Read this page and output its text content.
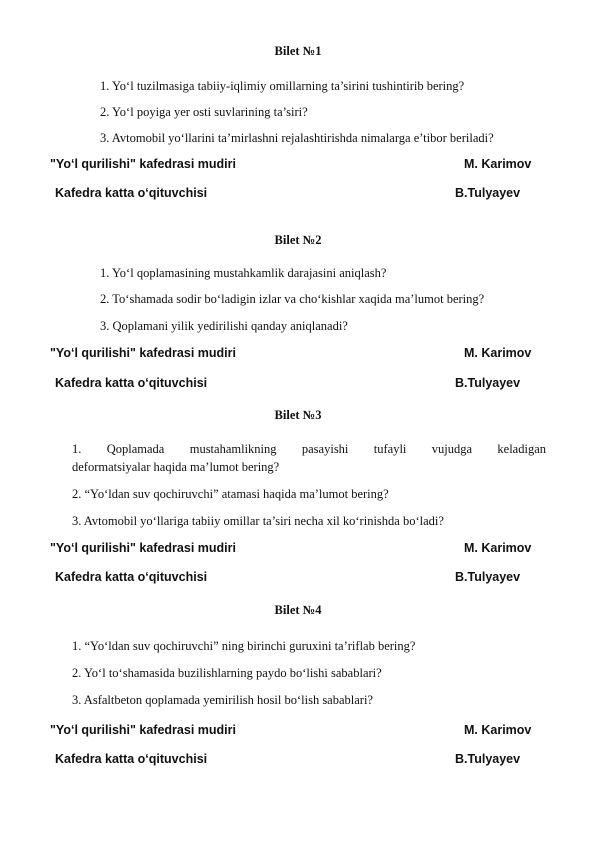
Bilet №1
1. Yo‘l tuzilmasiga tabiiy-iqlimiy omillarning ta’sirini tushintirib bering?
2. Yo‘l poyiga yer osti suvlarining ta’siri?
3. Avtomobil yo‘llarini ta’mirlashni rejalashtirishda nimalarga e’tibor beriladi?
"Yo‘l qurilishi" kafedrasi mudiri	M. Karimov
Kafedra katta o‘qituvchisi	B.Tulyayev
Bilet №2
1. Yo‘l qoplamasining mustahkamlik darajasini aniqlash?
2. To‘shamada sodir bo‘ladigin izlar va cho‘kishlar xaqida ma’lumot bering?
3. Qoplamani yilik yedirilishi qanday aniqlanadi?
"Yo‘l qurilishi" kafedrasi mudiri	M. Karimov
Kafedra katta o‘qituvchisi	B.Tulyayev
Bilet №3
1. Qoplamada mustahamlikning pasayishi tufayli vujudga keladigan
deformatsiyalar haqida ma’lumot bering?
2. “Yo‘ldan suv qochiruvchi” atamasi haqida ma’lumot bering?
3. Avtomobil yo‘llariga tabiiy omillar ta’siri necha xil ko‘rinishda bo‘ladi?
"Yo‘l qurilishi" kafedrasi mudiri	M. Karimov
Kafedra katta o‘qituvchisi	B.Tulyayev
Bilet №4
1. “Yo‘ldan suv qochiruvchi” ning birinchi guruxini ta’riflab bering?
2. Yo‘l to‘shamasida buzilishlarning paydo bo‘lishi sabablari?
3. Asfaltbeton qoplamada yemirilish hosil bo‘lish sabablari?
"Yo‘l qurilishi" kafedrasi mudiri	M. Karimov
Kafedra katta o‘qituvchisi	B.Tulyayev
